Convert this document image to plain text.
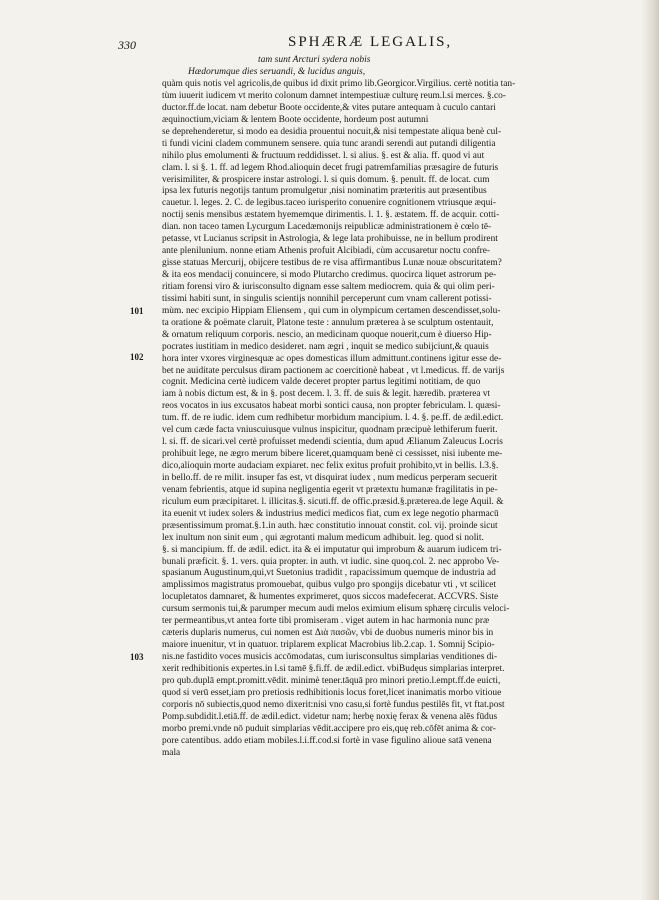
330	SPHÆRÆ LEGALIS,
tam sunt Arcturi sydera nobis
Hædorumque dies seruandi, & lucidus anguis,
101
102
103
quàm quis notis vel agricolis,de quibus id dixit primo lib.Georgicor.Virgilius. certè notitia tan-
tùm iuuerit iudicem vt merito colonum damnet intempestiuæ culturę reum.l.si merces. §.co-
ductor.ff.de locat. nam debetur Boote occidente,& vites putare antequam à cuculo cantari
æquinoctium,viciam & lentem Boote occidente, hordeum post autumni
se deprehenderetur, si modo ea desidia prouentui nocuit,& nisi tempestate aliqua benè cul-
ti fundi vicini cladem communem sensere. quia tunc arandi serendi aut putandi diligentia
nihilo plus emolumenti & fructuum reddidisset. l. si alius. §. est & alia. ff. quod vi aut
clam. l. si §. 1. ff. ad legem Rhod.alioquin decet frugi patremfamilias præsagire de futuris
verisimiliter, & prospicere instar astrologi. l. si quis domum. §. penult. ff. de locat. cum
ipsa lex futuris negotijs tantum promulgetur ,nisi nominatim præteritis aut præsentibus
cauetur. l. leges. 2. C. de legibus.taceo iurisperito conuenire cognitionem vtriusque æqui-
noctij senis mensibus æstatem hyememque dirimentis. l. 1. §. æstatem. ff. de acquir. cotti-
dian. non taceo tamen Lycurgum Lacedæmonijs reipublicæ administrationem è cœlo tē-
petasse, vt Lucianus scripsit in Astrologia, & lege lata prohibuisse, ne in bellum prodirent
ante plenilunium. nonne etiam Athenis profuit Alcibiadi, cùm accusaretur noctu confre-
gisse statuas Mercurij, obijcere testibus de re visa affirmantibus Lunæ nouæ obscuritatem?
& ita eos mendacij conuincere, si modo Plutarcho credimus. quocirca liquet astrorum pe-
ritiam forensi viro & iurisconsulto dignam esse saltem mediocrem. quia & qui olim peri-
tissimi habiti sunt, in singulis scientijs nonnihil perceperunt cum vnam callerent potissi-
mùm. nec excipio Hippiam Eliensem , qui cum in olympicum certamen descendisset,solu-
ta oratione & poëmate claruit, Platone teste : annulum præterea à se sculptum ostentauit,
& ornatum reliquum corporis. nescio, an medicinam quoque nouerit,cum è diuerso Hip-
pocrates iustitiam in medico desideret. nam ægri , inquit se medico subijciunt,& quauis
hora inter vxores virginesquæ ac opes domesticas illum admittunt.continens igitur esse de-
bet ne auiditate perculsus diram pactionem ac coercitionè habeat , vt l.medicus. ff. de varijs
cognit. Medicina certè iudicem valde deceret propter partus legitimi notitiam, de quo
iam à nobis dictum est, & in §. post decem. l. 3. ff. de suis & legit. hæredib. præterea vt
reos vocatos in ius excusatos habeat morbi sontici causa, non propter febriculam. l. quæsi-
tum. ff. de re iudic. idem cum redhibetur morbidum mancipium. l. 4. §. pe.ff. de ædil.edict.
vel cum cæde facta vniuscuiusque vulnus inspicitur, quodnam præcipuè lethiferum fuerit.
l. si. ff. de sicari.vel certè profuisset medendi scientia, dum apud Ælianum Zaleucus Locris
prohibuit lege, ne ægro merum bibere liceret,quamquam benè ci cessisset, nisi iubente me-
dico,alioquin morte audaciam expiaret. nec felix exitus profuit prohibito,vt in bellis. l.3.§.
in bello.ff. de re milit. insuper fas est, vt disquirat iudex , num medicus perperam secuerit
venam febrientis, atque id supina negligentia egerit vt prætextu humanæ fragilitatis in pe-
riculum eum præcipitaret. l. illicitas.§. sicuti.ff. de offic.præsid.§.præterea.de lege Aquil. &
ita euenit vt iudex solers & industrius medici medicos fiat, cum ex lege negotio pharmacū
præsentissimum promat.§.1.in auth. hæc constitutio innouat constit. col. vij. proinde sicut
lex inultum non sinit eum , qui ægrotanti malum medicum adhibuit. leg. quod si nolit.
§. si mancipium. ff. de ædil. edict. ita & ei imputatur qui improbum & auarum iudicem tri-
bunali præficit. §. 1. vers. quia propter. in auth. vt iudic. sine quoq.col. 2. nec approbo Ve-
spasianum Augustinum,qui,vt Suetonius tradidit , rapacissimum quemque de industria ad
amplissimos magistratus promouebat, quibus vulgo pro spongijs dicebatur vti , vt scilicet
locupletatos damnaret, & humentes exprimeret, quos siccos madefecerat. ACCVRS. Siste
cursum sermonis tui,& parumper mecum audi melos eximium elisum sphærę circulis veloci-
ter permeantibus,vt antea forte tibi promiseram . viget autem in hac harmonia nunc præ
cæteris duplaris numerus, cui nomen est Διὰ πασῶν, vbi de duobus numeris minor bis in
maiore inuenitur, vt in quatuor. triplarem explicat Macrobius lib.2.cap. 1. Somnij Scipio-
nis.ne fastidito voces musicis accōmodatas, cum iurisconsultus simplarias venditiones di-
xerit redhibitionis expertes.in l.si tamē §.fi.ff. de ædil.edict. vbiBudęus simplarias interpret.
pro qub.duplā empt.promitt.vēdit. minimè tener.tāquā pro minori pretio.l.empt.ff.de euicti,
quod si verū esset,iam pro pretiosis redhibitionis locus foret,licet inanimatis morbo vitioue
corporis nō subiectis,quod nemo dixerit:nisi vno casu,si fortè fundus pestilēs fit, vt ftat.post
Pomp.subdidit.l.etiā.ff. de ædil.edict. videtur nam; herbę noxię ferax & venena alēs fūdus
morbo premi.vnde nō puduit simplarias vēdit.accipere pro eis,quę reb.cōfēt anima & cor-
pore catentibus. addo etiam mobiles.l.i.ff.cod.si fortè in vase figulino alioue satā venena
mala
